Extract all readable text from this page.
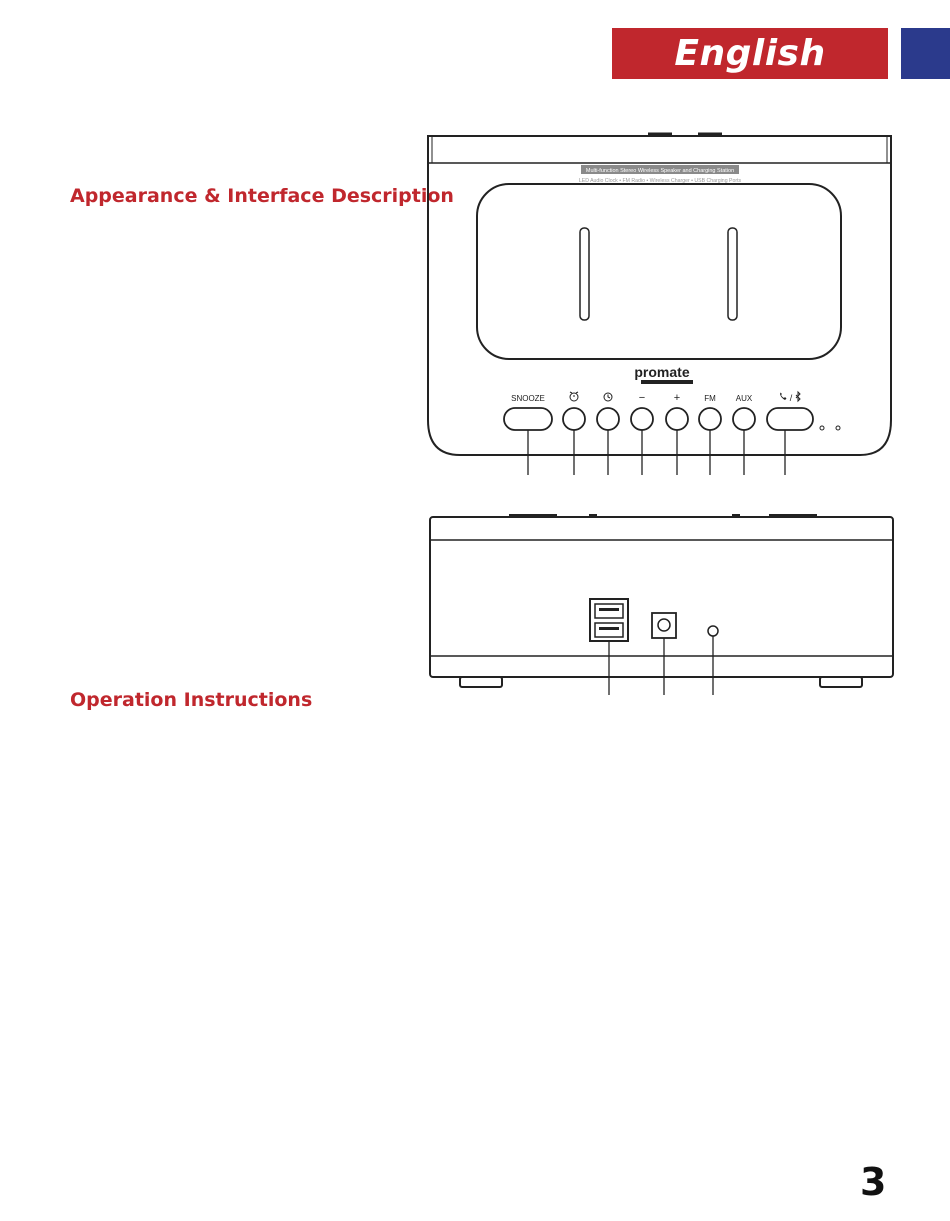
English
Appearance & Interface Description
Operation Instructions
Multi-function Stereo Wireless Speaker and Charging Station
LED Audio Clock • FM Radio • Wireless Charger • USB Charging Ports
promate
SNOOZE	−	+	FM AUX	/
3
